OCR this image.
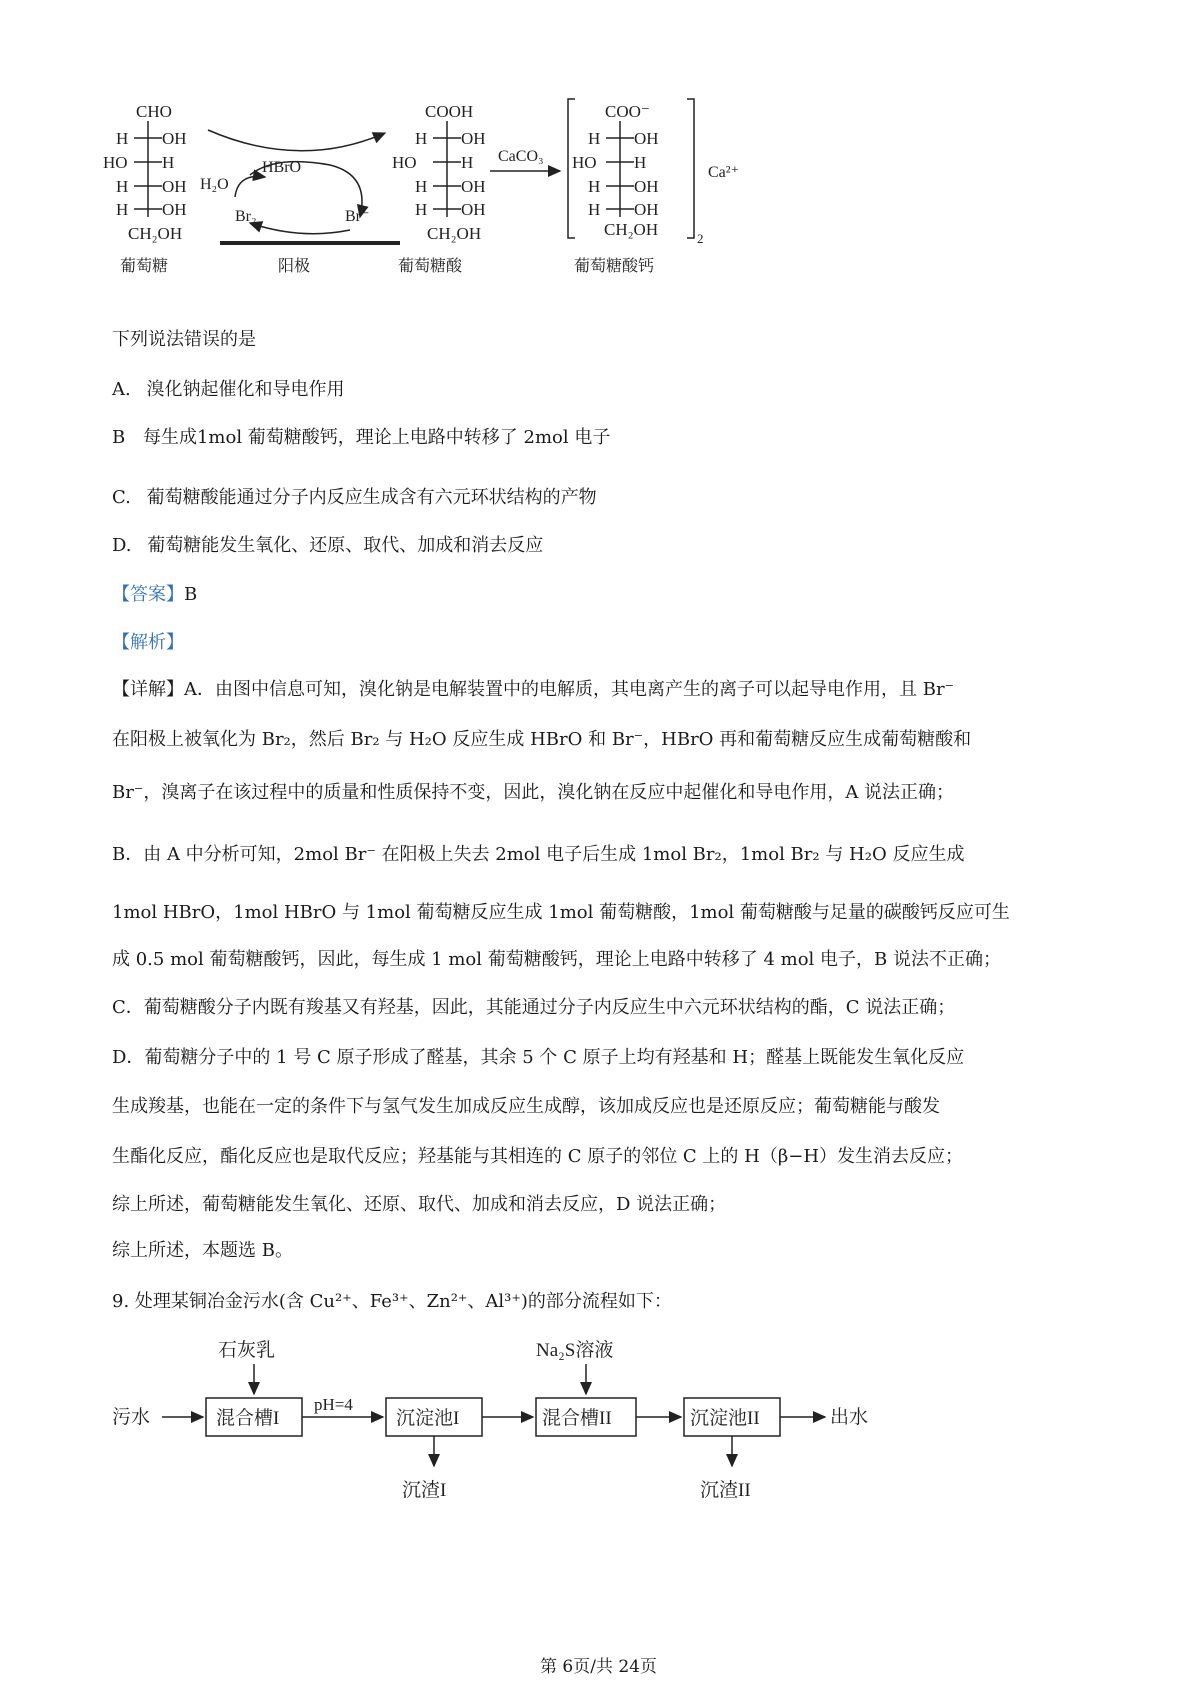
CHO
H OH
HO H
H OH
H OH
CH₂OH
葡萄糖
HBrO
H₂O
Br₂	Br⁻
阳极
COOH
H OH
HO	H
H OH
H OH
CH₂OH
葡萄糖酸
CaCO₃
COO⁻
H OH
HO H
H OH
H OH
CH₂OH	2
Ca²⁺
葡萄糖酸钙
下列说法错误的是
A. 溴化钠起催化和导电作用
B 每生成1mol 葡萄糖酸钙，理论上电路中转移了 2mol 电子
C. 葡萄糖酸能通过分子内反应生成含有六元环状结构的产物
D. 葡萄糖能发生氧化、还原、取代、加成和消去反应
【答案】B
【解析】
【详解】A．由图中信息可知，溴化钠是电解装置中的电解质，其电离产生的离子可以起导电作用，且 Br⁻
在阳极上被氧化为 Br₂，然后 Br₂ 与 H₂O 反应生成 HBrO 和 Br⁻，HBrO 再和葡萄糖反应生成葡萄糖酸和
Br⁻，溴离子在该过程中的质量和性质保持不变，因此，溴化钠在反应中起催化和导电作用，A 说法正确；
B．由 A 中分析可知，2mol Br⁻ 在阳极上失去 2mol 电子后生成 1mol Br₂，1mol Br₂ 与 H₂O 反应生成
1mol HBrO，1mol HBrO 与 1mol 葡萄糖反应生成 1mol 葡萄糖酸，1mol 葡萄糖酸与足量的碳酸钙反应可生
成 0.5 mol 葡萄糖酸钙，因此，每生成 1 mol 葡萄糖酸钙，理论上电路中转移了 4 mol 电子，B 说法不正确；
C．葡萄糖酸分子内既有羧基又有羟基，因此，其能通过分子内反应生中六元环状结构的酯，C 说法正确；
D．葡萄糖分子中的 1 号 C 原子形成了醛基，其余 5 个 C 原子上均有羟基和 H；醛基上既能发生氧化反应
生成羧基，也能在一定的条件下与氢气发生加成反应生成醇，该加成反应也是还原反应；葡萄糖能与酸发
生酯化反应，酯化反应也是取代反应；羟基能与其相连的 C 原子的邻位 C 上的 H（β−H）发生消去反应；
综上所述，葡萄糖能发生氧化、还原、取代、加成和消去反应，D 说法正确；
综上所述，本题选 B。
9. 处理某铜冶金污水(含 Cu²⁺、Fe³⁺、Zn²⁺、Al³⁺)的部分流程如下：
污水	混合槽I
石灰乳
pH=4
沉淀池I
沉渣I
混合槽II
Na₂S溶液
沉淀池II
沉渣II
出水
第 6页/共 24页
